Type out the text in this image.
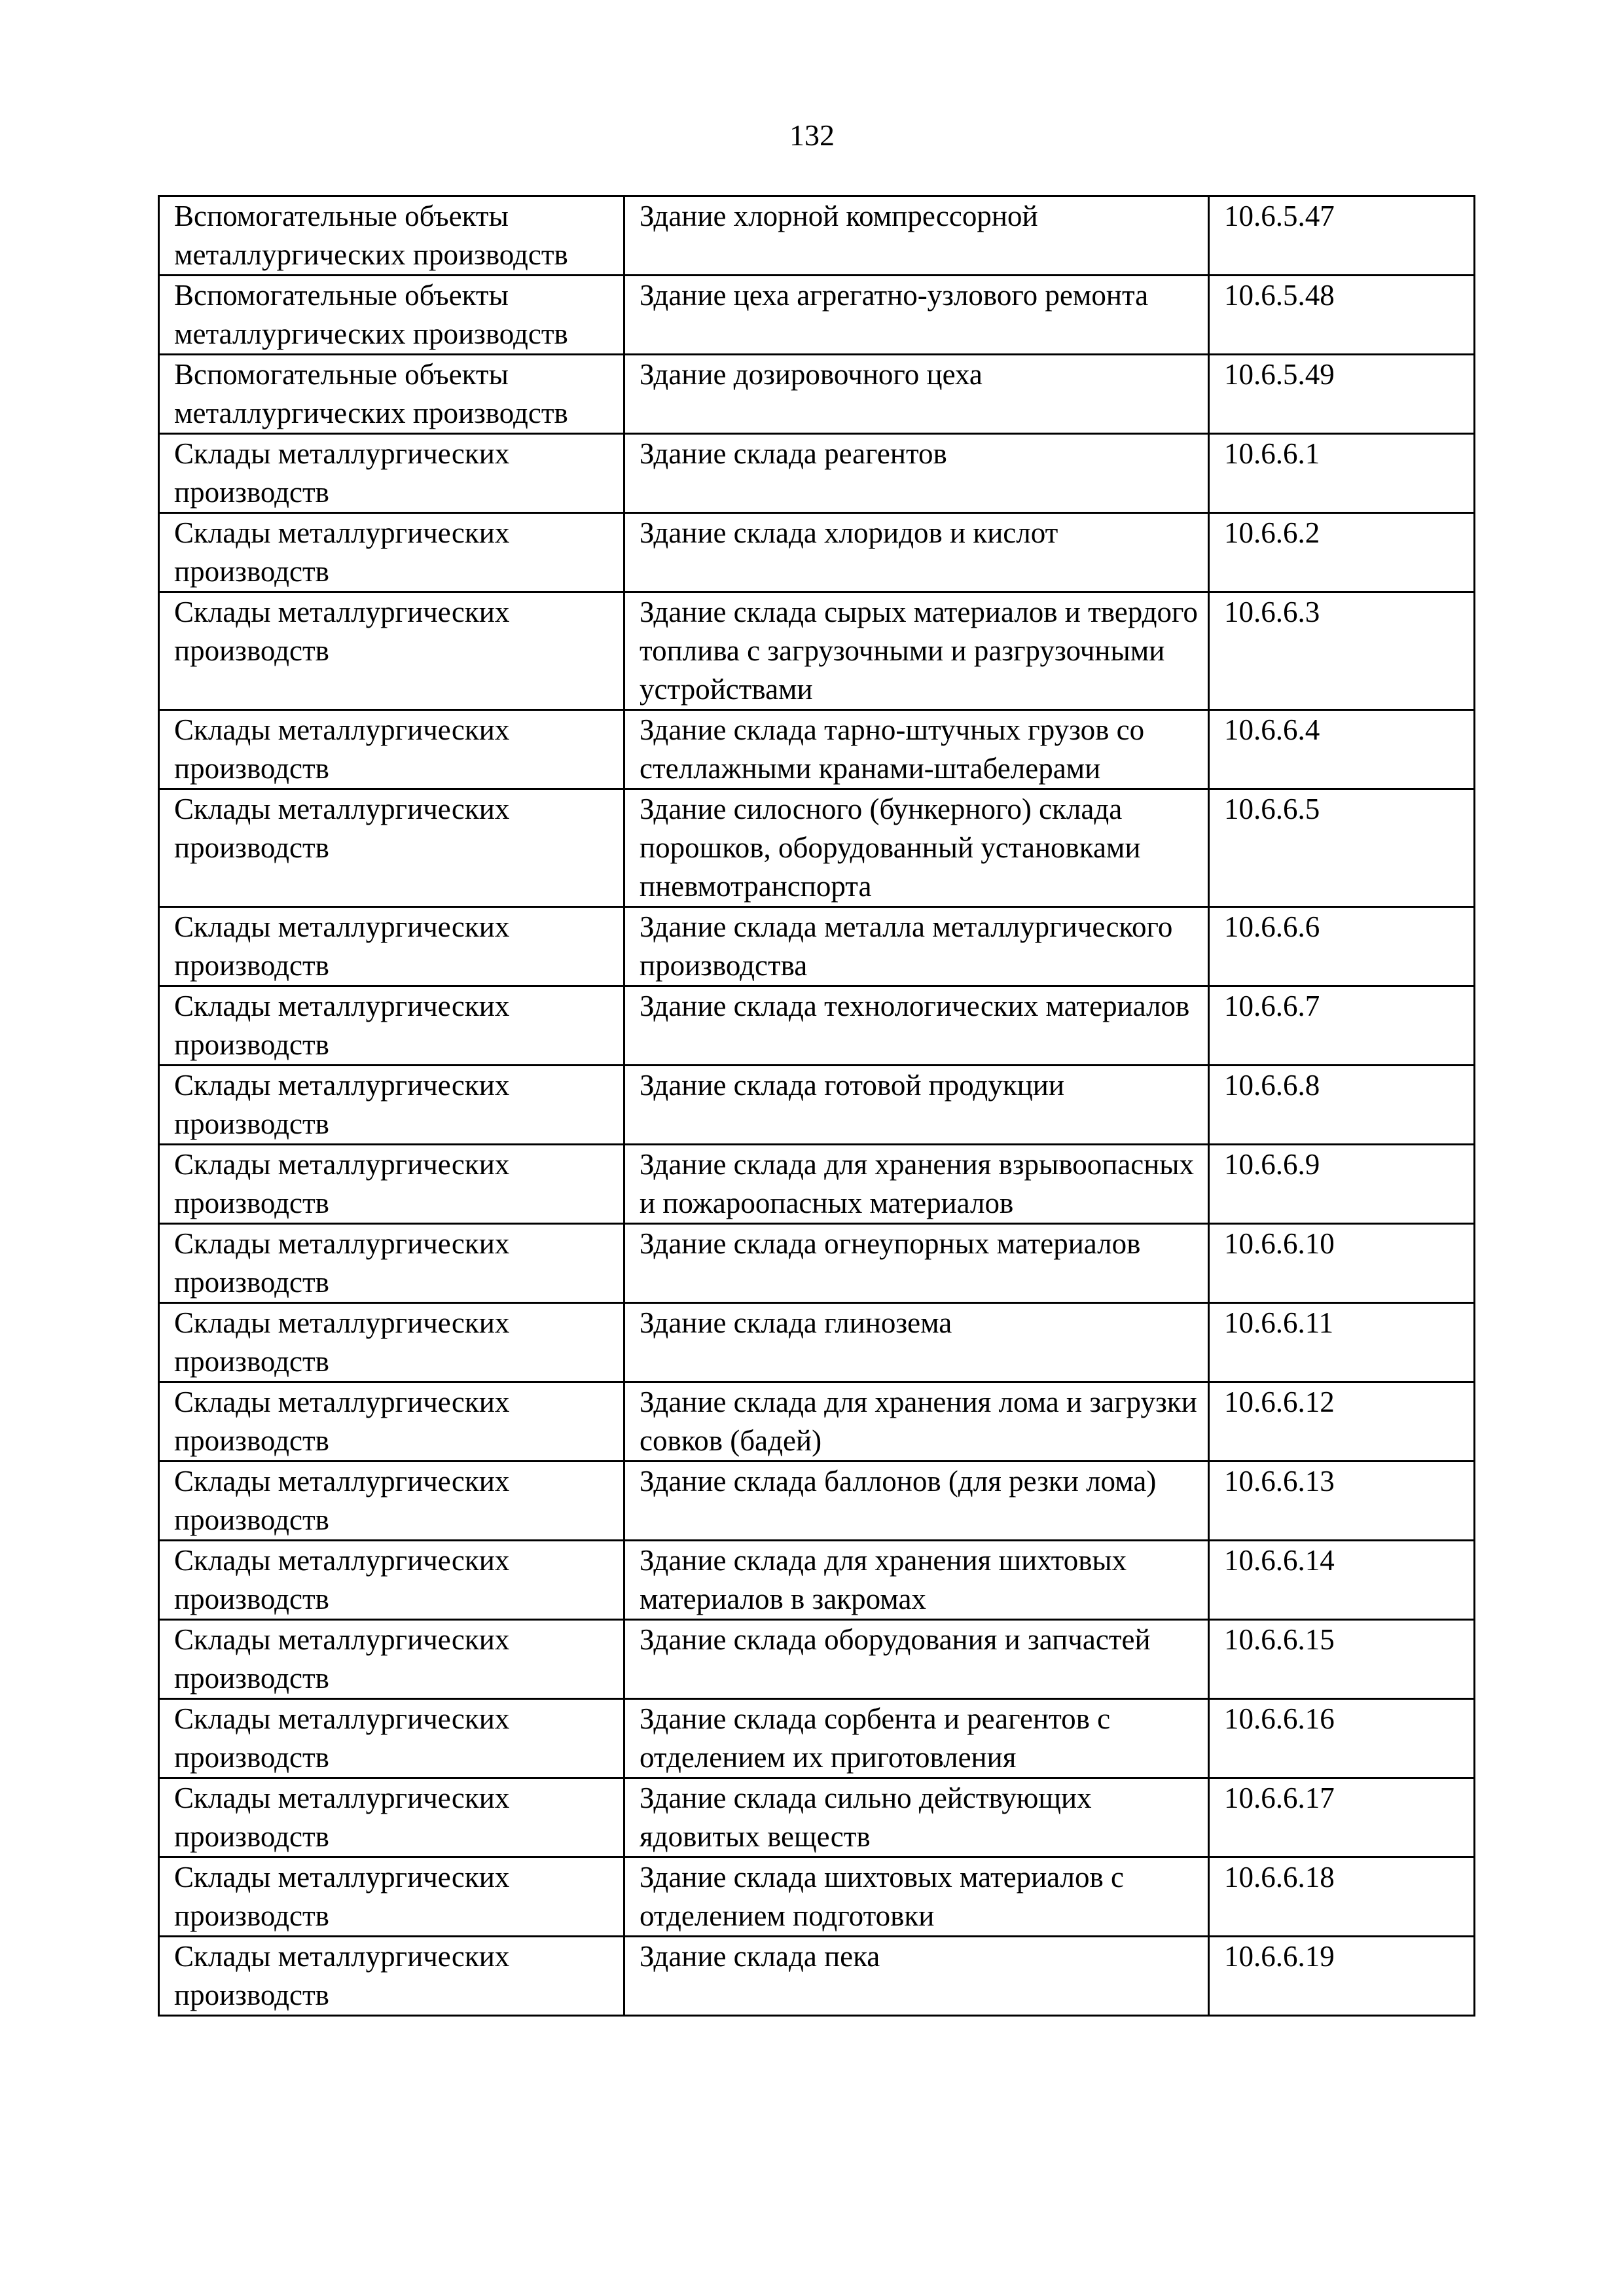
132
Вспомогательные объекты металлургических производств	Здание хлорной компрессорной	10.6.5.47
Вспомогательные объекты металлургических производств	Здание цеха агрегатно-узлового ремонта	10.6.5.48
Вспомогательные объекты металлургических производств	Здание дозировочного цеха	10.6.5.49
Склады металлургических производств	Здание склада реагентов	10.6.6.1
Склады металлургических производств	Здание склада хлоридов и кислот	10.6.6.2
Склады металлургических производств	Здание склада сырых материалов и твердого топлива с загрузочными и разгрузочными устройствами	10.6.6.3
Склады металлургических производств	Здание склада тарно-штучных грузов со стеллажными кранами-штабелерами	10.6.6.4
Склады металлургических производств	Здание силосного (бункерного) склада порошков, оборудованный установками пневмотранспорта	10.6.6.5
Склады металлургических производств	Здание склада металла металлургического производства	10.6.6.6
Склады металлургических производств	Здание склада технологических материалов	10.6.6.7
Склады металлургических производств	Здание склада готовой продукции	10.6.6.8
Склады металлургических производств	Здание склада для хранения взрывоопасных и пожароопасных материалов	10.6.6.9
Склады металлургических производств	Здание склада огнеупорных материалов	10.6.6.10
Склады металлургических производств	Здание склада глинозема	10.6.6.11
Склады металлургических производств	Здание склада для хранения лома и загрузки совков (бадей)	10.6.6.12
Склады металлургических производств	Здание склада баллонов (для резки лома)	10.6.6.13
Склады металлургических производств	Здание склада для хранения шихтовых материалов в закромах	10.6.6.14
Склады металлургических производств	Здание склада оборудования и запчастей	10.6.6.15
Склады металлургических производств	Здание склада сорбента и реагентов с отделением их приготовления	10.6.6.16
Склады металлургических производств	Здание склада сильно действующих ядовитых веществ	10.6.6.17
Склады металлургических производств	Здание склада шихтовых материалов с отделением подготовки	10.6.6.18
Склады металлургических производств	Здание склада пека	10.6.6.19
